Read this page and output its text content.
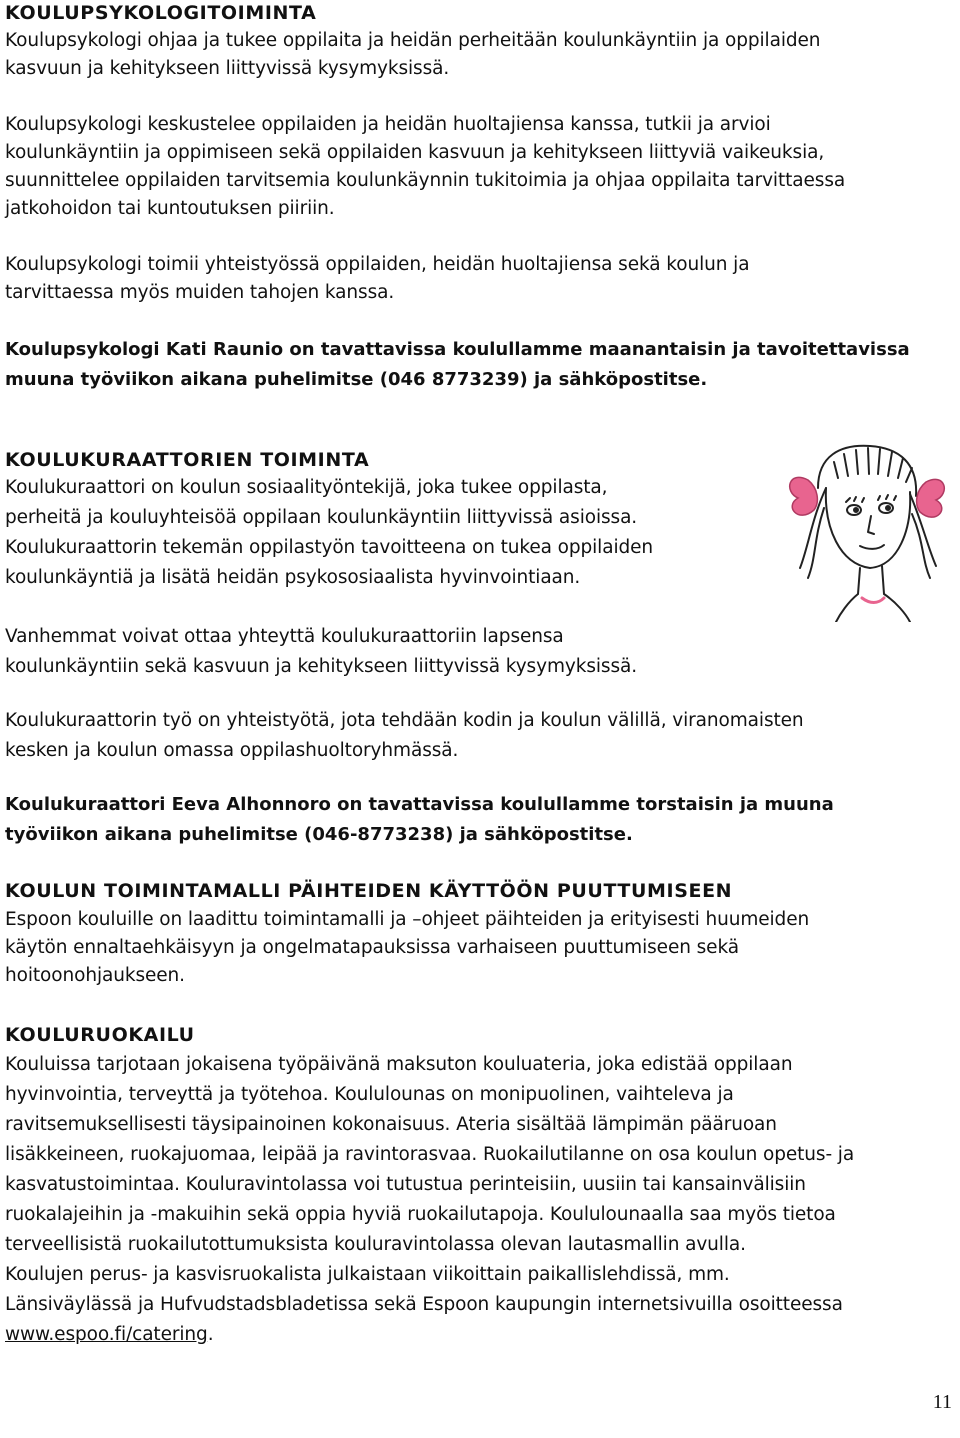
KOULUPSYKOLOGITOIMINTA
Koulupsykologi ohjaa ja tukee oppilaita ja heidän perheitään koulunkäyntiin ja oppilaiden
kasvuun ja kehitykseen liittyvissä kysymyksissä.
Koulupsykologi keskustelee oppilaiden ja heidän huoltajiensa kanssa, tutkii ja arvioi
koulunkäyntiin ja oppimiseen sekä oppilaiden kasvuun ja kehitykseen liittyviä vaikeuksia,
suunnittelee oppilaiden tarvitsemia koulunkäynnin tukitoimia ja ohjaa oppilaita tarvittaessa
jatkohoidon tai kuntoutuksen piiriin.
Koulupsykologi toimii yhteistyössä oppilaiden, heidän huoltajiensa sekä koulun ja
tarvittaessa myös muiden tahojen kanssa.
Koulupsykologi Kati Raunio on tavattavissa koulullamme maanantaisin ja tavoitettavissa
muuna työviikon aikana puhelimitse (046 8773239) ja sähköpostitse.
KOULUKURAATTORIEN TOIMINTA
Koulukuraattori on koulun sosiaalityöntekijä, joka tukee oppilasta,
perheitä ja kouluyhteisöä oppilaan koulunkäyntiin liittyvissä asioissa.
Koulukuraattorin tekemän oppilastyön tavoitteena on tukea oppilaiden
koulunkäyntiä ja lisätä heidän psykososiaalista hyvinvointiaan.
Vanhemmat voivat ottaa yhteyttä koulukuraattoriin lapsensa
koulunkäyntiin sekä kasvuun ja kehitykseen liittyvissä kysymyksissä.
Koulukuraattorin työ on yhteistyötä, jota tehdään kodin ja koulun välillä, viranomaisten
kesken ja koulun omassa oppilashuoltoryhmässä.
Koulukuraattori Eeva Alhonnoro on tavattavissa koulullamme torstaisin ja muuna
työviikon aikana puhelimitse (046-8773238) ja sähköpostitse.
KOULUN TOIMINTAMALLI PÄIHTEIDEN KÄYTTÖÖN PUUTTUMISEEN
Espoon kouluille on laadittu toimintamalli ja –ohjeet päihteiden ja erityisesti huumeiden
käytön ennaltaehkäisyyn ja ongelmatapauksissa varhaiseen puuttumiseen sekä
hoitoonohjaukseen.
KOULURUOKAILU
Kouluissa tarjotaan jokaisena työpäivänä maksuton kouluateria, joka edistää oppilaan
hyvinvointia, terveyttä ja työtehoa. Koululounas on monipuolinen, vaihteleva ja
ravitsemuksellisesti täysipainoinen kokonaisuus. Ateria sisältää lämpimän pääruoan
lisäkkeineen, ruokajuomaa, leipää ja ravintorasvaa. Ruokailutilanne on osa koulun opetus- ja
kasvatustoimintaa. Kouluravintolassa voi tutustua perinteisiin, uusiin tai kansainvälisiin
ruokalajeihin ja -makuihin sekä oppia hyviä ruokailutapoja. Koululounaalla saa myös tietoa
terveellisistä ruokailutottumuksista kouluravintolassa olevan lautasmallin avulla.
Koulujen perus- ja kasvisruokalista julkaistaan viikoittain paikallislehdissä, mm.
Länsiväylässä ja Hufvudstadsbladetissa sekä Espoon kaupungin internetsivuilla osoitteessa
www.espoo.fi/catering.
11
